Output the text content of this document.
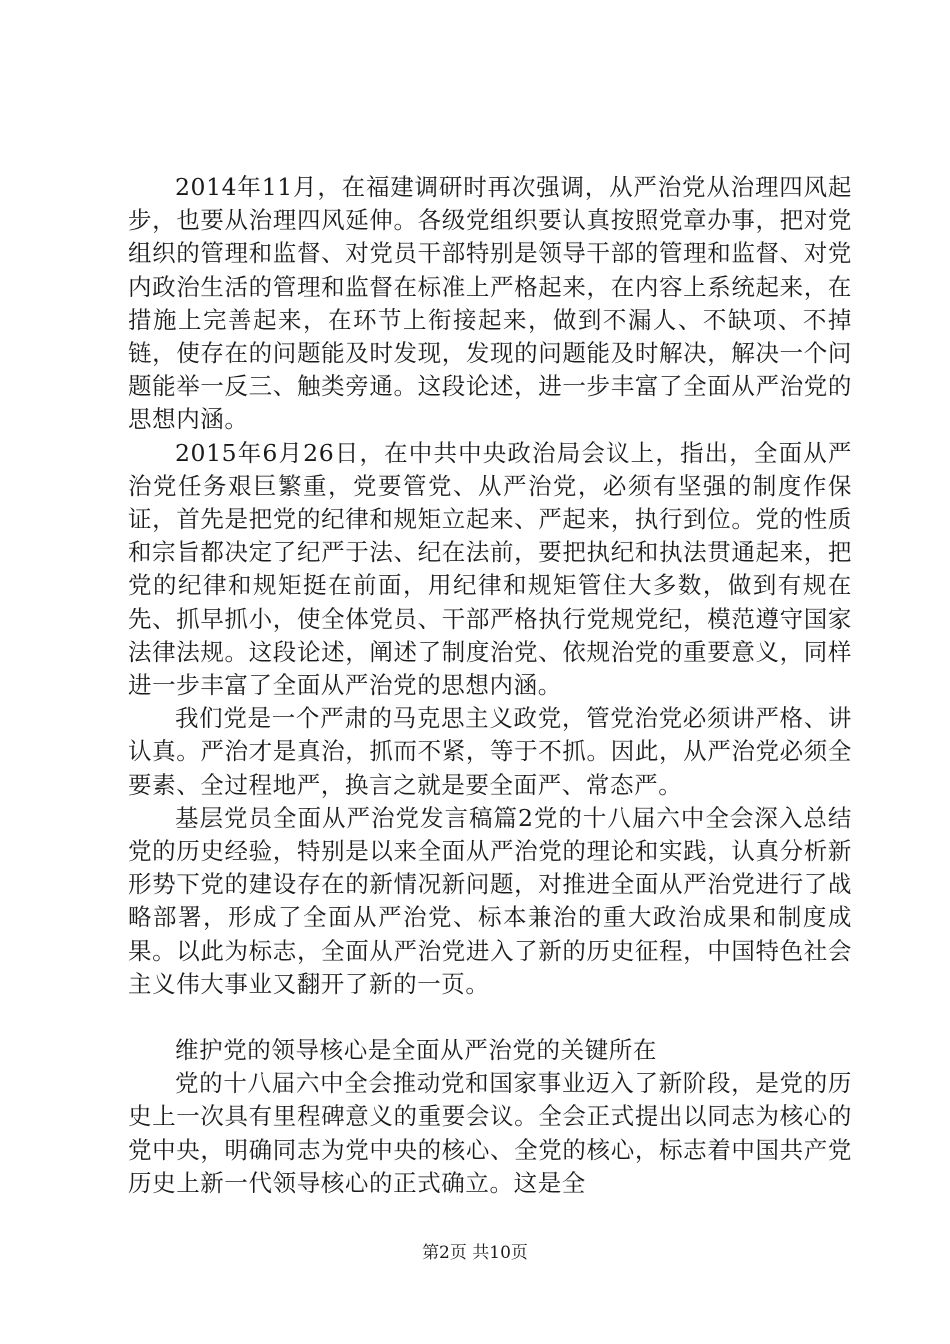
2014年11月，在福建调研时再次强调，从严治党从治理四风起步，也要从治理四风延伸。各级党组织要认真按照党章办事，把对党组织的管理和监督、对党员干部特别是领导干部的管理和监督、对党内政治生活的管理和监督在标准上严格起来，在内容上系统起来，在措施上完善起来，在环节上衔接起来，做到不漏人、不缺项、不掉链，使存在的问题能及时发现，发现的问题能及时解决，解决一个问题能举一反三、触类旁通。这段论述，进一步丰富了全面从严治党的思想内涵。

2015年6月26日，在中共中央政治局会议上，指出，全面从严治党任务艰巨繁重，党要管党、从严治党，必须有坚强的制度作保证，首先是把党的纪律和规矩立起来、严起来，执行到位。党的性质和宗旨都决定了纪严于法、纪在法前，要把执纪和执法贯通起来，把党的纪律和规矩挺在前面，用纪律和规矩管住大多数，做到有规在先、抓早抓小，使全体党员、干部严格执行党规党纪，模范遵守国家法律法规。这段论述，阐述了制度治党、依规治党的重要意义，同样进一步丰富了全面从严治党的思想内涵。

我们党是一个严肃的马克思主义政党，管党治党必须讲严格、讲认真。严治才是真治，抓而不紧，等于不抓。因此，从严治党必须全要素、全过程地严，换言之就是要全面严、常态严。

基层党员全面从严治党发言稿篇2党的十八届六中全会深入总结党的历史经验，特别是以来全面从严治党的理论和实践，认真分析新形势下党的建设存在的新情况新问题，对推进全面从严治党进行了战略部署，形成了全面从严治党、标本兼治的重大政治成果和制度成果。以此为标志，全面从严治党进入了新的历史征程，中国特色社会主义伟大事业又翻开了新的一页。

维护党的领导核心是全面从严治党的关键所在

党的十八届六中全会推动党和国家事业迈入了新阶段，是党的历史上一次具有里程碑意义的重要会议。全会正式提出以同志为核心的党中央，明确同志为党中央的核心、全党的核心，标志着中国共产党历史上新一代领导核心的正式确立。这是全

第2页 共10页
